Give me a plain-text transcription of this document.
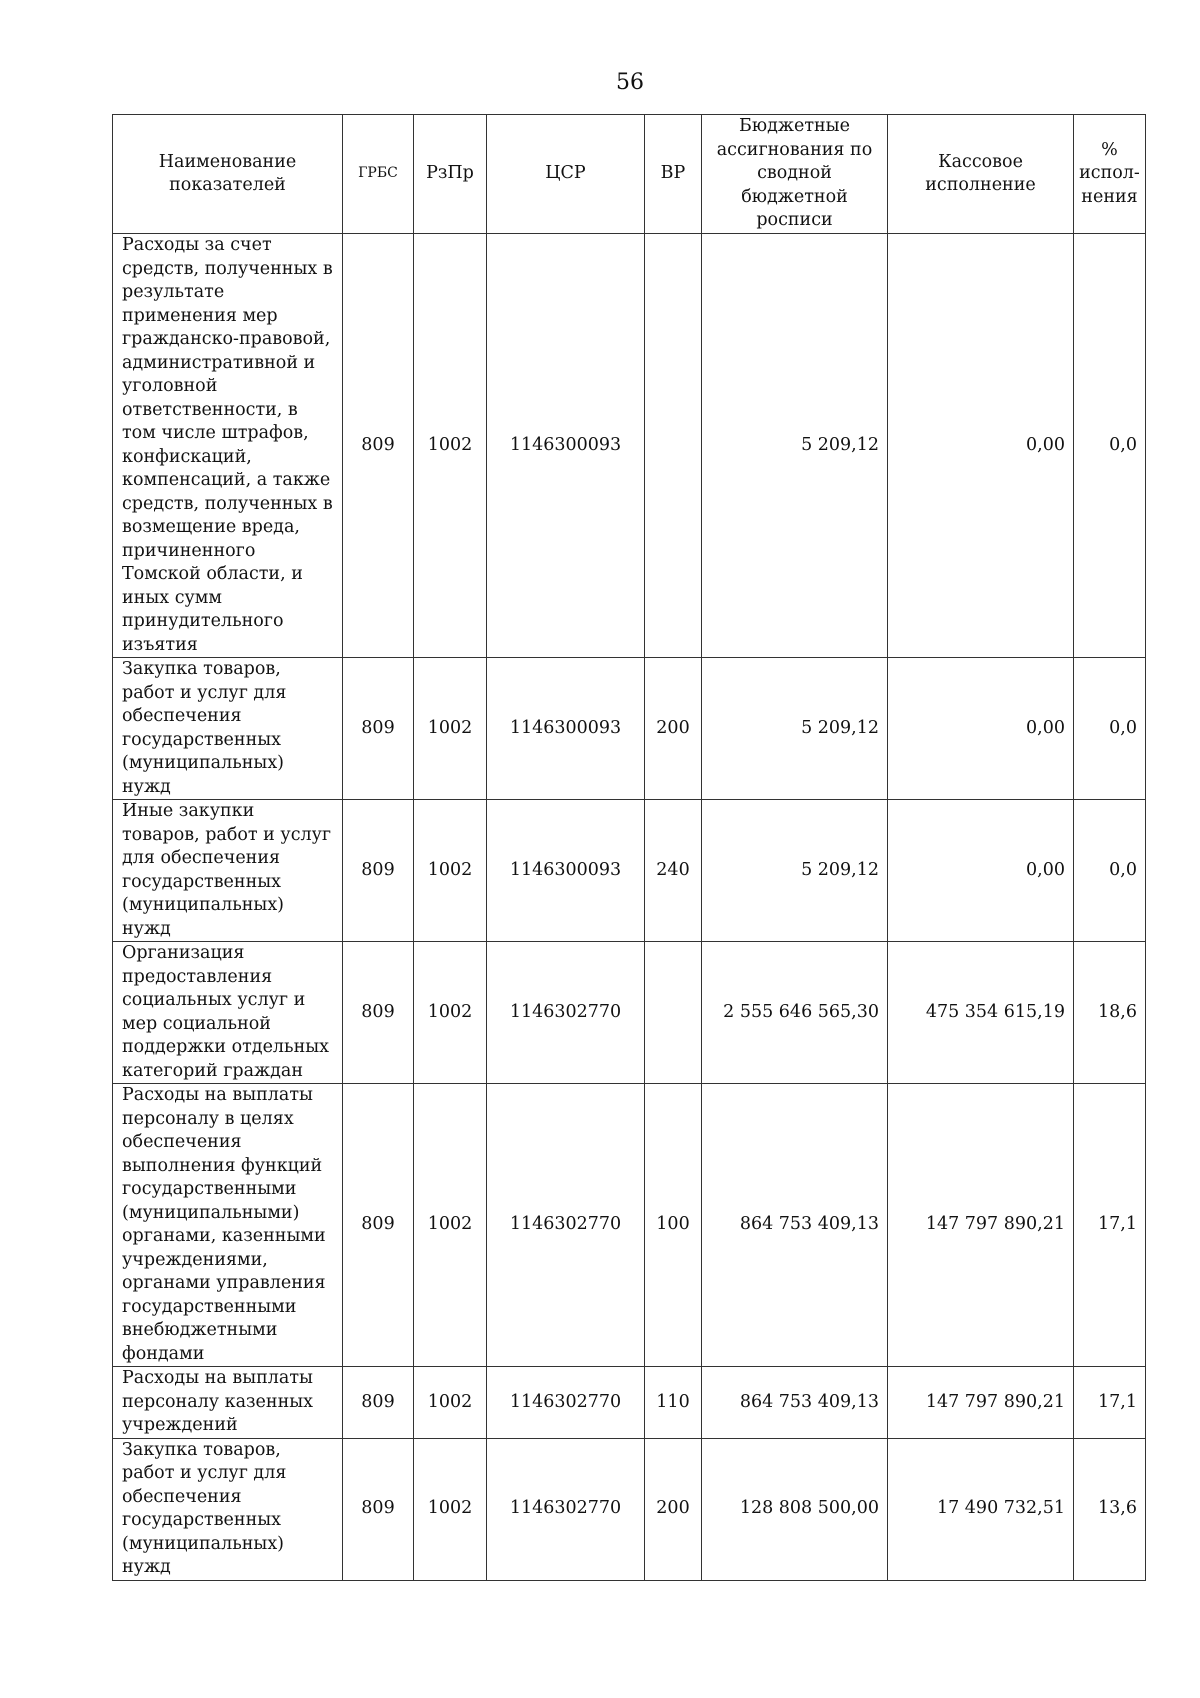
56
Наименование показателей	ГРБС	РзПр	ЦСР	ВР	Бюджетные ассигнования по сводной бюджетной росписи	Кассовое исполнение	% испол-нения
Расходы за счет средств, полученных в результате применения мер гражданско-правовой, административной и уголовной ответственности, в том числе штрафов, конфискаций, компенсаций, а также средств, полученных в возмещение вреда, причиненного Томской области, и иных сумм принудительного изъятия	809	1002	1146300093		5 209,12	0,00	0,0
Закупка товаров, работ и услуг для обеспечения государственных (муниципальных) нужд	809	1002	1146300093	200	5 209,12	0,00	0,0
Иные закупки товаров, работ и услуг для обеспечения государственных (муниципальных) нужд	809	1002	1146300093	240	5 209,12	0,00	0,0
Организация предоставления социальных услуг и мер социальной поддержки отдельных категорий граждан	809	1002	1146302770		2 555 646 565,30	475 354 615,19	18,6
Расходы на выплаты персоналу в целях обеспечения выполнения функций государственными (муниципальными) органами, казенными учреждениями, органами управления государственными внебюджетными фондами	809	1002	1146302770	100	864 753 409,13	147 797 890,21	17,1
Расходы на выплаты персоналу казенных учреждений	809	1002	1146302770	110	864 753 409,13	147 797 890,21	17,1
Закупка товаров, работ и услуг для обеспечения государственных (муниципальных) нужд	809	1002	1146302770	200	128 808 500,00	17 490 732,51	13,6
